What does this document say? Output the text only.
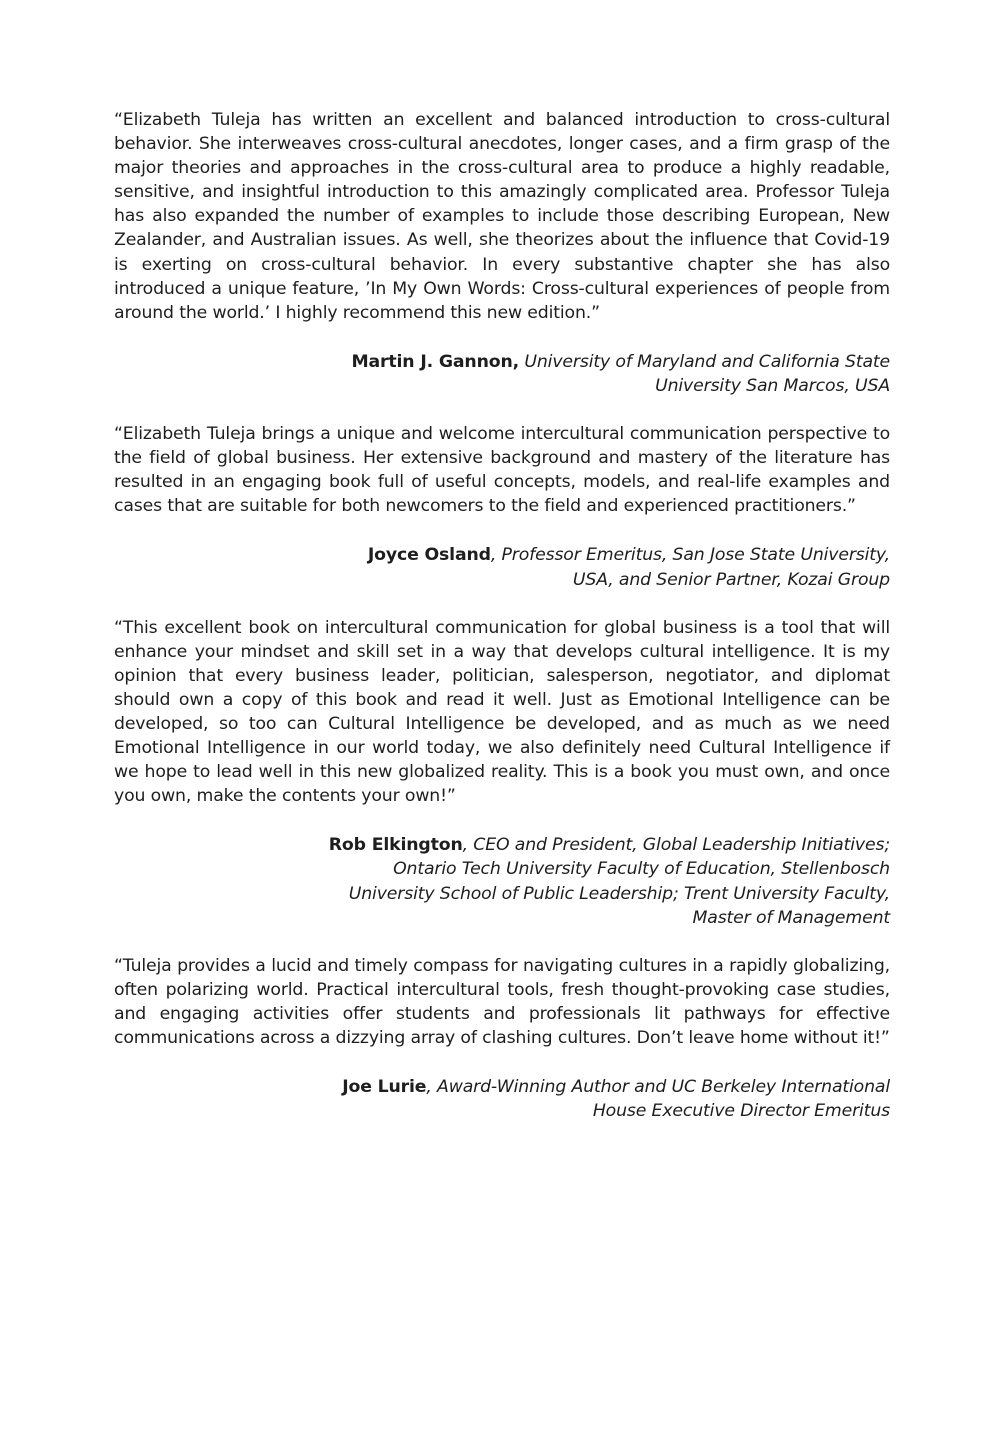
“Elizabeth Tuleja has written an excellent and balanced introduction to cross-cultural behavior. She interweaves cross-cultural anecdotes, longer cases, and a firm grasp of the major theories and approaches in the cross-cultural area to produce a highly readable, sensitive, and insightful introduction to this amazingly complicated area. Professor Tuleja has also expanded the number of examples to include those describing European, New Zealander, and Australian issues. As well, she theorizes about the influence that Covid-19 is exerting on cross-cultural behavior. In every substantive chapter she has also introduced a unique feature, ’In My Own Words: Cross-cultural experiences of people from around the world.’ I highly recommend this new edition.”

Martin J. Gannon, University of Maryland and California State
University San Marcos, USA

“Elizabeth Tuleja brings a unique and welcome intercultural communication perspective to the field of global business. Her extensive background and mastery of the literature has resulted in an engaging book full of useful concepts, models, and real-life examples and cases that are suitable for both newcomers to the field and experienced practitioners.”

Joyce Osland, Professor Emeritus, San Jose State University,
USA, and Senior Partner, Kozai Group

“This excellent book on intercultural communication for global business is a tool that will enhance your mindset and skill set in a way that develops cultural intelligence. It is my opinion that every business leader, politician, salesperson, negotiator, and diplomat should own a copy of this book and read it well. Just as Emotional Intelligence can be developed, so too can Cultural Intelligence be developed, and as much as we need Emotional Intelligence in our world today, we also definitely need Cultural Intelligence if we hope to lead well in this new globalized reality. This is a book you must own, and once you own, make the contents your own!”

Rob Elkington, CEO and President, Global Leadership Initiatives;
Ontario Tech University Faculty of Education, Stellenbosch
University School of Public Leadership; Trent University Faculty,
Master of Management

“Tuleja provides a lucid and timely compass for navigating cultures in a rapidly globalizing, often polarizing world. Practical intercultural tools, fresh thought-provoking case studies, and engaging activities offer students and professionals lit pathways for effective communications across a dizzying array of clashing cultures. Don’t leave home without it!”

Joe Lurie, Award-Winning Author and UC Berkeley International
House Executive Director Emeritus
